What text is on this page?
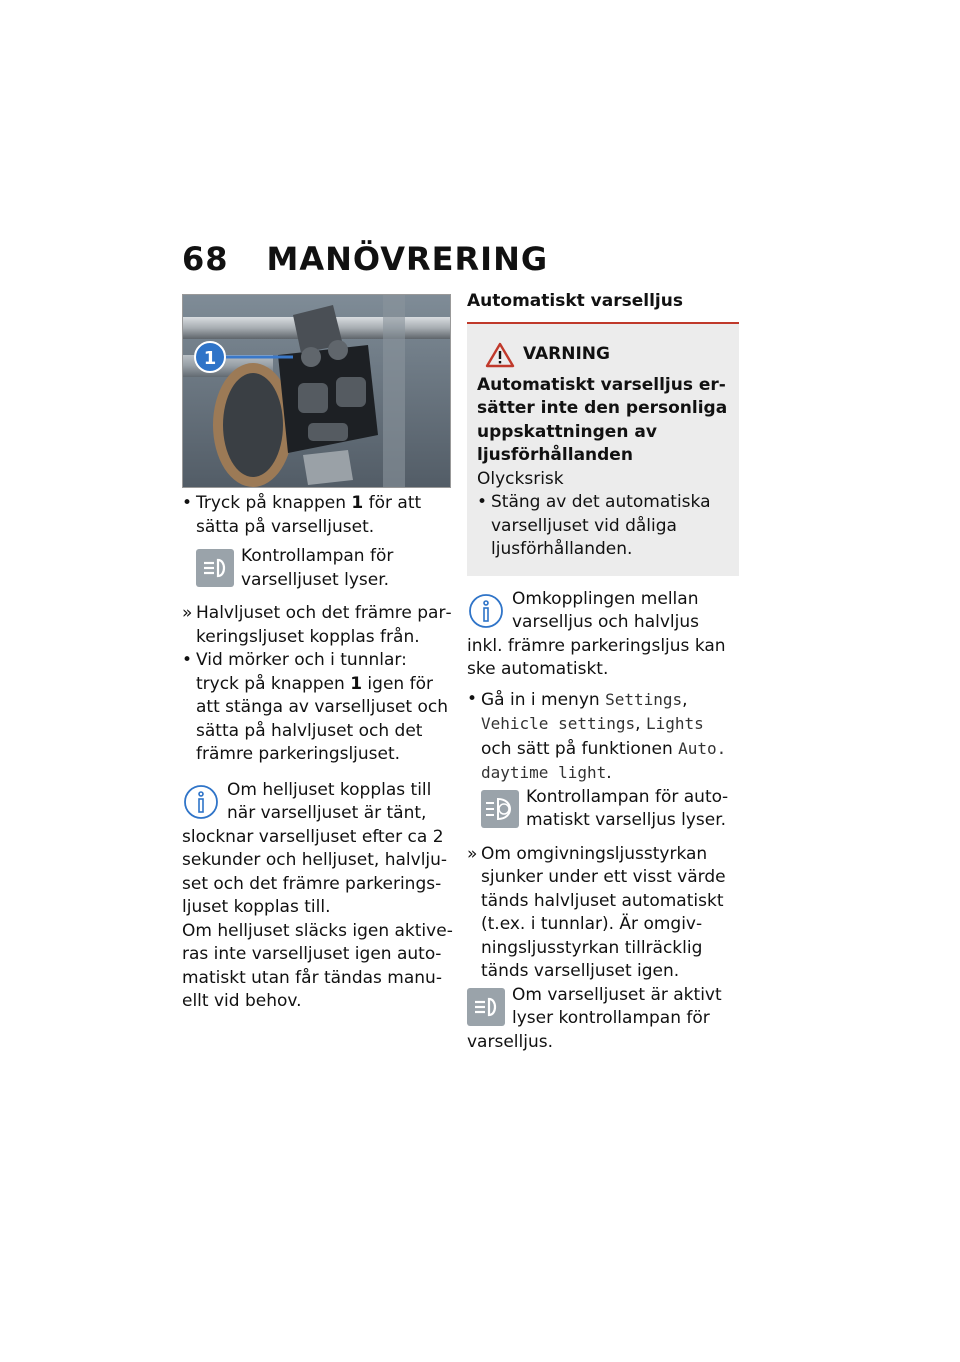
68 MANÖVRERING
1
• Tryck på knappen 1 för att sätta på varselljuset.
Kontrollampan för varselljuset lyser.
» Halvljuset och det främre parkeringsljuset kopplas från.
• Vid mörker och i tunnlar: tryck på knappen 1 igen för att stänga av varselljuset och sätta på halvljuset och det främre parkeringsljuset.
Om helljuset kopplas till när varselljuset är tänt, slocknar varselljuset efter ca 2 sekunder och helljuset, halvljuset och det främre parkeringsljuset kopplas till.
Om helljuset släcks igen aktiveras inte varselljuset igen automatiskt utan får tändas manuellt vid behov.
Automatiskt varselljus
VARNING
Automatiskt varselljus ersätter inte den personliga uppskattningen av ljusförhållanden
Olycksrisk
• Stäng av det automatiska varselljuset vid dåliga ljusförhållanden.
Omkopplingen mellan varselljus och halvljus inkl. främre parkeringsljus kan ske automatiskt.
• Gå in i menyn Settings, Vehicle settings, Lights och sätt på funktionen Auto. daytime light.
Kontrollampan för automatiskt varselljus lyser.
» Om omgivningsljusstyrkan sjunker under ett visst värde tänds halvljuset automatiskt (t.ex. i tunnlar). Är omgivningsljusstyrkan tillräcklig tänds varselljuset igen.
Om varselljuset är aktivt lyser kontrollampan för varselljus.
